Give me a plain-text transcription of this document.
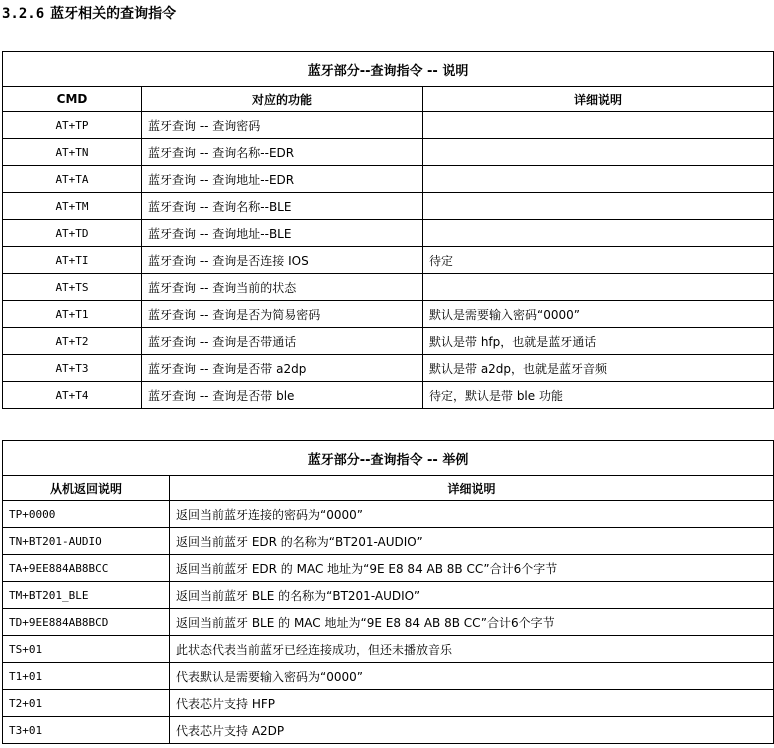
3.2.6 蓝牙相关的查询指令
蓝牙部分--查询指令 -- 说明		
CMD	对应的功能	详细说明
AT+TP	蓝牙查询 -- 查询密码	
AT+TN	蓝牙查询 -- 查询名称--EDR	
AT+TA	蓝牙查询 -- 查询地址--EDR	
AT+TM	蓝牙查询 -- 查询名称--BLE	
AT+TD	蓝牙查询 -- 查询地址--BLE	
AT+TI	蓝牙查询 -- 查询是否连接 IOS	待定
AT+TS	蓝牙查询 -- 查询当前的状态	
AT+T1	蓝牙查询 -- 查询是否为简易密码	默认是需要输入密码“0000”
AT+T2	蓝牙查询 -- 查询是否带通话	默认是带 hfp，也就是蓝牙通话
AT+T3	蓝牙查询 -- 查询是否带 a2dp	默认是带 a2dp，也就是蓝牙音频
AT+T4	蓝牙查询 -- 查询是否带 ble	待定，默认是带 ble 功能
蓝牙部分--查询指令 -- 举例	
从机返回说明	详细说明
TP+0000	返回当前蓝牙连接的密码为“0000”
TN+BT201-AUDIO	返回当前蓝牙 EDR 的名称为“BT201-AUDIO”
TA+9EE884AB8BCC	返回当前蓝牙 EDR 的 MAC 地址为“9E E8 84 AB 8B CC”合计6个字节
TM+BT201_BLE	返回当前蓝牙 BLE 的名称为“BT201-AUDIO”
TD+9EE884AB8BCD	返回当前蓝牙 BLE 的 MAC 地址为“9E E8 84 AB 8B CC”合计6个字节
TS+01	此状态代表当前蓝牙已经连接成功，但还未播放音乐
T1+01	代表默认是需要输入密码为“0000”
T2+01	代表芯片支持 HFP
T3+01	代表芯片支持 A2DP
